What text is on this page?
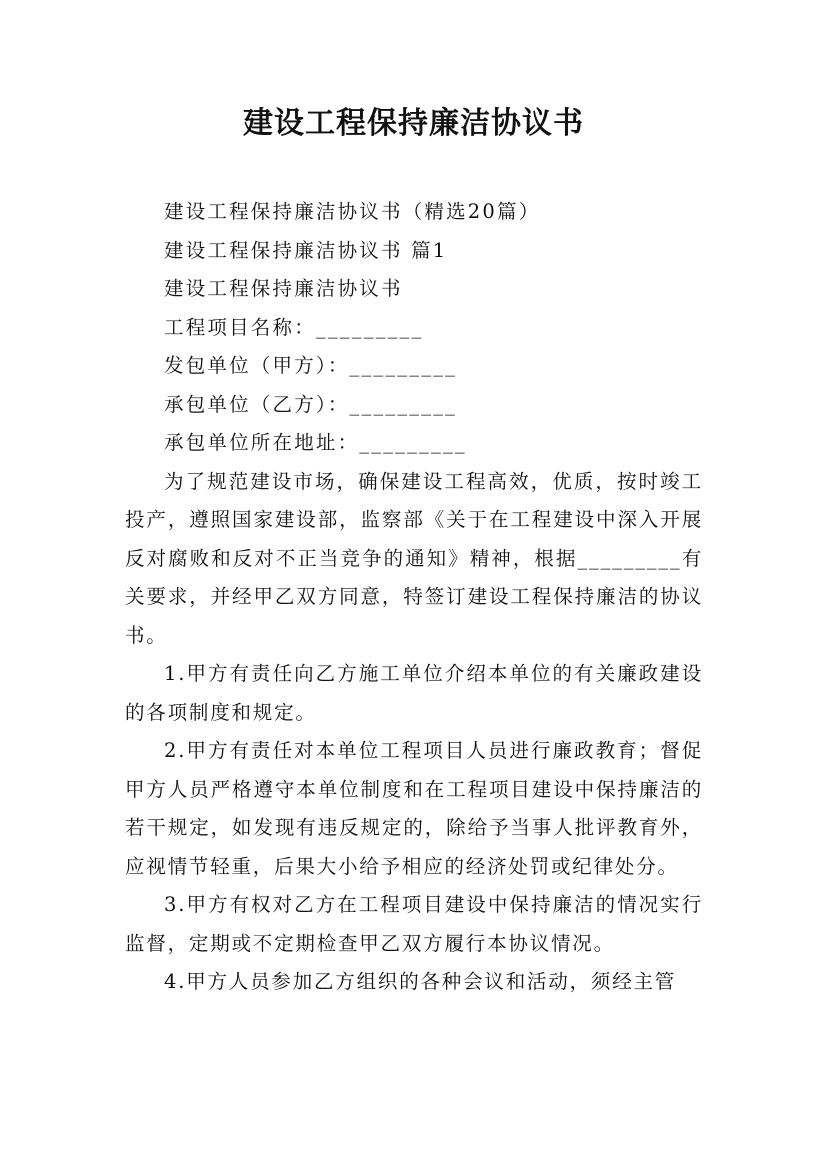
建设工程保持廉洁协议书

建设工程保持廉洁协议书（精选20篇）

建设工程保持廉洁协议书 篇1

建设工程保持廉洁协议书

工程项目名称：_________

发包单位（甲方）：_________

承包单位（乙方）：_________

承包单位所在地址：_________

为了规范建设市场，确保建设工程高效，优质，按时竣工投产，遵照国家建设部，监察部《关于在工程建设中深入开展反对腐败和反对不正当竞争的通知》精神，根据_________有关要求，并经甲乙双方同意，特签订建设工程保持廉洁的协议书。

1.甲方有责任向乙方施工单位介绍本单位的有关廉政建设的各项制度和规定。

2.甲方有责任对本单位工程项目人员进行廉政教育；督促甲方人员严格遵守本单位制度和在工程项目建设中保持廉洁的若干规定，如发现有违反规定的，除给予当事人批评教育外，应视情节轻重，后果大小给予相应的经济处罚或纪律处分。

3.甲方有权对乙方在工程项目建设中保持廉洁的情况实行监督，定期或不定期检查甲乙双方履行本协议情况。

4.甲方人员参加乙方组织的各种会议和活动，须经主管
